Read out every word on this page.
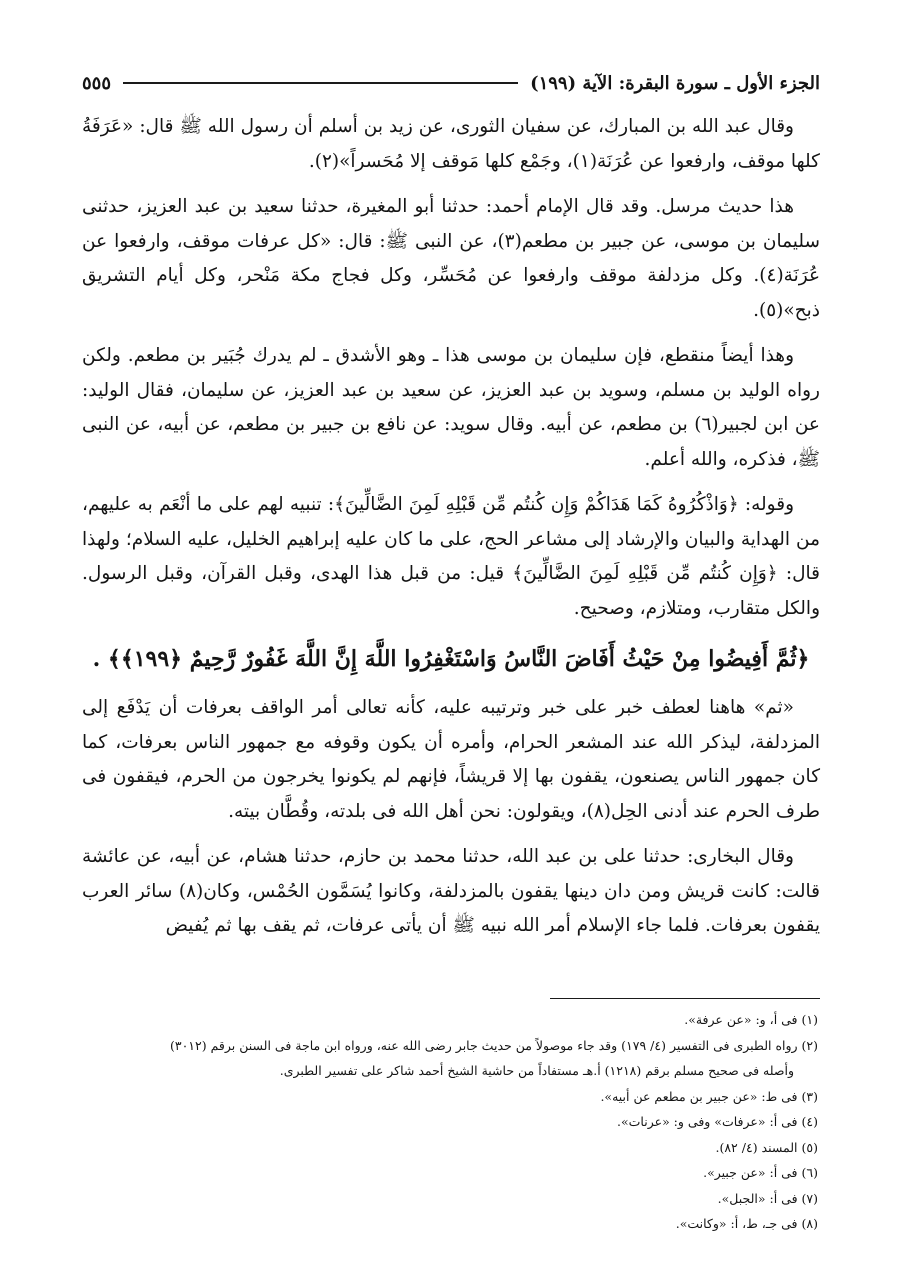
الجزء الأول ـ سورة البقرة: الآية (١٩٩)
٥٥٥

وقال عبد الله بن المبارك، عن سفيان الثورى، عن زيد بن أسلم أن رسول الله ﷺ قال: «عَرَفَةُ كلها موقف، وارفعوا عن عُرَنَة(١)، وجَمْع كلها مَوقف إلا مُحَسراً»(٢).

هذا حديث مرسل. وقد قال الإمام أحمد: حدثنا أبو المغيرة، حدثنا سعيد بن عبد العزيز، حدثنى سليمان بن موسى، عن جبير بن مطعم(٣)، عن النبى ﷺ: قال: «كل عرفات موقف، وارفعوا عن عُرَنَة(٤). وكل مزدلفة موقف وارفعوا عن مُحَسِّر، وكل فجاج مكة مَنْحر، وكل أيام التشريق ذبح»(٥).

وهذا أيضاً منقطع، فإن سليمان بن موسى هذا ـ وهو الأشدق ـ لم يدرك جُبَير بن مطعم. ولكن رواه الوليد بن مسلم، وسويد بن عبد العزيز، عن سعيد بن عبد العزيز، عن سليمان، فقال الوليد: عن ابن لجبير(٦) بن مطعم، عن أبيه. وقال سويد: عن نافع بن جبير بن مطعم، عن أبيه، عن النبى ﷺ، فذكره، والله أعلم.

وقوله: ﴿وَاذْكُرُوهُ كَمَا هَدَاكُمْ وَإِن كُنتُم مِّن قَبْلِهِ لَمِنَ الضَّالِّينَ﴾: تنبيه لهم على ما أنْعَم به عليهم، من الهداية والبيان والإرشاد إلى مشاعر الحج، على ما كان عليه إبراهيم الخليل، عليه السلام؛ ولهذا قال: ﴿وَإِن كُنتُم مِّن قَبْلِهِ لَمِنَ الضَّالِّينَ﴾ قيل: من قبل هذا الهدى، وقبل القرآن، وقبل الرسول. والكل متقارب، ومتلازم، وصحيح.

﴿ثُمَّ أَفِيضُوا مِنْ حَيْثُ أَفَاضَ النَّاسُ وَاسْتَغْفِرُوا اللَّهَ إِنَّ اللَّهَ غَفُورٌ رَّحِيمٌ ﴿١٩٩﴾﴾ .

«ثم» هاهنا لعطف خبر على خبر وترتيبه عليه، كأنه تعالى أمر الواقف بعرفات أن يَدْفَع إلى المزدلفة، ليذكر الله عند المشعر الحرام، وأمره أن يكون وقوفه مع جمهور الناس بعرفات، كما كان جمهور الناس يصنعون، يقفون بها إلا قريشاً، فإنهم لم يكونوا يخرجون من الحرم، فيقفون فى طرف الحرم عند أدنى الحِل(٨)، ويقولون: نحن أهل الله فى بلدته، وقُطَّان بيته.

وقال البخارى: حدثنا على بن عبد الله، حدثنا محمد بن حازم، حدثنا هشام، عن أبيه، عن عائشة قالت: كانت قريش ومن دان دينها يقفون بالمزدلفة، وكانوا يُسَمَّون الحُمْس، وكان(٨) سائر العرب يقفون بعرفات. فلما جاء الإسلام أمر الله نبيه ﷺ أن يأتى عرفات، ثم يقف بها ثم يُفيض

(١) فى أ، و: «عن عرفة».

(٢) رواه الطبرى فى التفسير (٤/ ١٧٩) وقد جاء موصولاً من حديث جابر رضى الله عنه، ورواه ابن ماجة فى السنن برقم (٣٠١٢)

وأصله فى صحيح مسلم برقم (١٢١٨) أ.هـ مستفاداً من حاشية الشيخ أحمد شاكر على تفسير الطبرى.

(٣) فى ط: «عن جبير بن مطعم عن أبيه».

(٤) فى أ: «عرفات» وفى و: «عرنات».

(٥) المسند (٤/ ٨٢).

(٦) فى أ: «عن جبير».

(٧) فى أ: «الجبل».

(٨) فى جـ، ط، أ: «وكانت».
